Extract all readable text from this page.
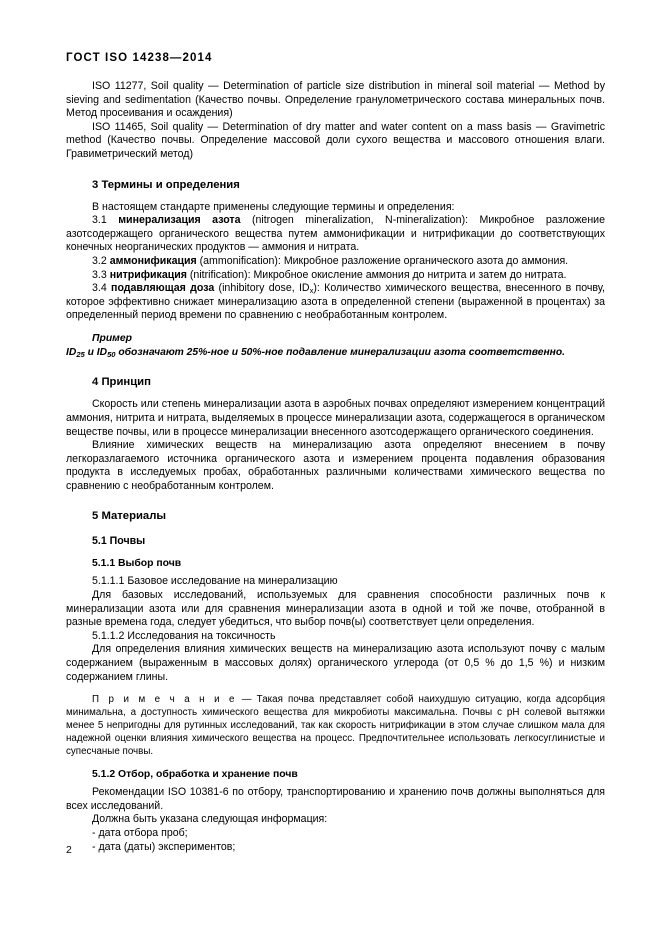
ГОСТ ISO 14238—2014

ISO 11277, Soil quality — Determination of particle size distribution in mineral soil material — Method by sieving and sedimentation (Качество почвы. Определение гранулометрического состава минеральных почв. Метод просеивания и осаждения)

ISO 11465, Soil quality — Determination of dry matter and water content on a mass basis — Gravimetric method (Качество почвы. Определение массовой доли сухого вещества и массового отношения влаги. Гравиметрический метод)

3 Термины и определения

В настоящем стандарте применены следующие термины и определения:

3.1 минерализация азота (nitrogen mineralization, N-mineralization): Микробное разложение азотсодержащего органического вещества путем аммонификации и нитрификации до соответствующих конечных неорганических продуктов — аммония и нитрата.

3.2 аммонификация (ammonification): Микробное разложение органического азота до аммония.

3.3 нитрификация (nitrification): Микробное окисление аммония до нитрита и затем до нитрата.

3.4 подавляющая доза (inhibitory dose, $ID_x$): Количество химического вещества, внесенного в почву, которое эффективно снижает минерализацию азота в определенной степени (выраженной в процентах) за определенный период времени по сравнению с необработанным контролем.

Пример

$ID_{25}$ и $ID_{50}$ обозначают 25%-ное и 50%-ное подавление минерализации азота соответственно.

4 Принцип

Скорость или степень минерализации азота в аэробных почвах определяют измерением концентраций аммония, нитрита и нитрата, выделяемых в процессе минерализации азота, содержащегося в органическом веществе почвы, или в процессе минерализации внесенного азотсодержащего органического соединения.

Влияние химических веществ на минерализацию азота определяют внесением в почву легкоразлагаемого источника органического азота и измерением процента подавления образования продукта в исследуемых пробах, обработанных различными количествами химического вещества по сравнению с необработанным контролем.

5 Материалы
5.1 Почвы
5.1.1 Выбор почв

5.1.1.1 Базовое исследование на минерализацию

Для базовых исследований, используемых для сравнения способности различных почв к минерализации азота или для сравнения минерализации азота в одной и той же почве, отобранной в разные времена года, следует убедиться, что выбор почв(ы) соответствует цели определения.

5.1.1.2 Исследования на токсичность

Для определения влияния химических веществ на минерализацию азота используют почву с малым содержанием (выраженным в массовых долях) органического углерода (от 0,5 % до 1,5 %) и низким содержанием глины.

П р и м е ч а н и е — Такая почва представляет собой наихудшую ситуацию, когда адсорбция минимальна, а доступность химического вещества для микробиоты максимальна. Почвы с рН солевой вытяжки менее 5 непригодны для рутинных исследований, так как скорость нитрификации в этом случае слишком мала для надежной оценки влияния химического вещества на процесс. Предпочтительнее использовать легкосуглинистые и супесчаные почвы.

5.1.2 Отбор, обработка и хранение почв

Рекомендации ISO 10381-6 по отбору, транспортированию и хранению почв должны выполняться для всех исследований.

Должна быть указана следующая информация:

- дата отбора проб;
- дата (даты) экспериментов;
2
